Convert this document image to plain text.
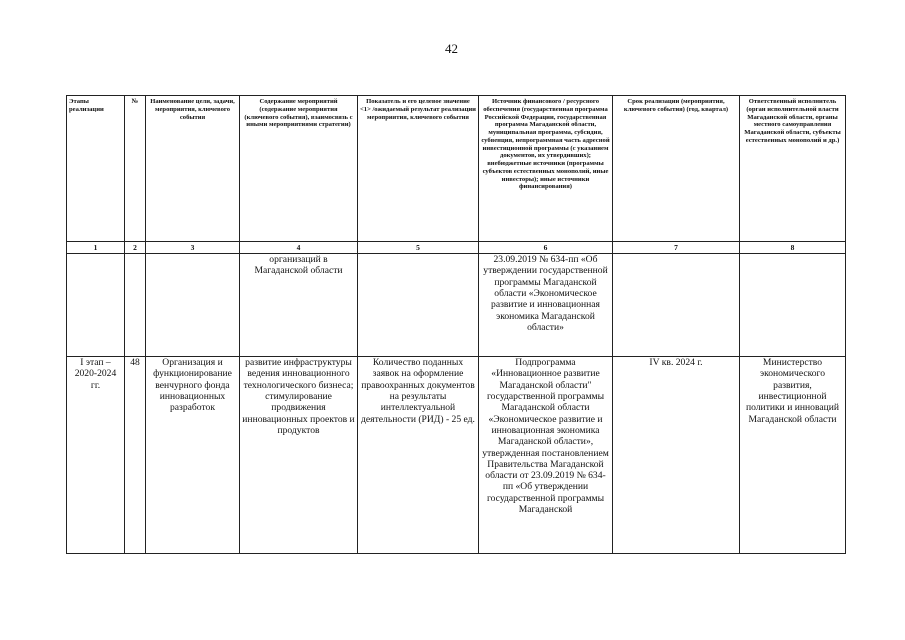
42
Этапы реализации	№	Наименование цели, задачи, мероприятия, ключевого события	Содержание мероприятий (содержание мероприятия (ключевого события), взаимосвязь с иными мероприятиями стратегии)	Показатель и его целевое значение <1> /ожидаемый результат реализации мероприятия, ключевого события	Источник финансового / ресурсного обеспечения (государственная программа Российской Федерации, государственная программа Магаданской области, муниципальная программа, субсидия, субвенция, непрограммная часть адресной инвестиционной программы (с указанием документов, их утвердивших); внебюджетные источники (программы субъектов естественных монополий, иные инвесторы); иные источники финансирования)	Срок реализации (мероприятия, ключевого события) (год, квартал)	Ответственный исполнитель (орган исполнительной власти Магаданской области, органы местного самоуправления Магаданской области, субъекты естественных монополий и др.)
1	2	3	4	5	6	7	8
			организаций в Магаданской области		23.09.2019 № 634-пп «Об утверждении государственной программы Магаданской области «Экономическое развитие и инновационная экономика Магаданской области»		
I этап – 2020-2024 гг.	48	Организация и функционирование венчурного фонда инновационных разработок	развитие инфраструктуры ведения инновационного технологического бизнеса; стимулирование продвижения инновационных проектов и продуктов	Количество поданных заявок на оформление правоохранных документов на результаты интеллектуальной деятельности (РИД) - 25 ед.	Подпрограмма «Инновационное развитие Магаданской области" государственной программы Магаданской области «Экономическое развитие и инновационная экономика Магаданской области», утвержденная постановлением Правительства Магаданской области от 23.09.2019 № 634-пп «Об утверждении государственной программы Магаданской	IV кв. 2024 г.	Министерство экономического развития, инвестиционной политики и инноваций Магаданской области
